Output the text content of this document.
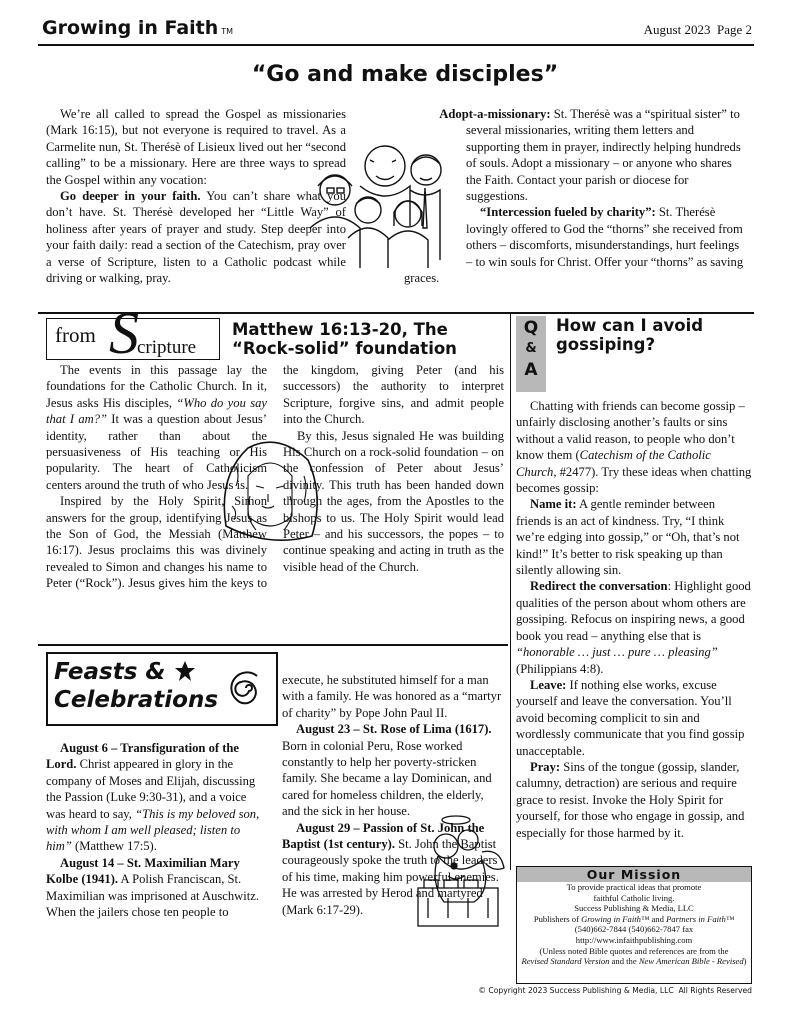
Growing in Faith TM	August 2023  Page 2
“Go and make disciples”

We’re all called to spread the Gospel as missionaries (Mark 16:15), but not everyone is required to travel. As a Carmelite nun, St. Therésè of Lisieux lived out her “second calling” to be a missionary. Here are three ways to spread the Gospel within any vocation:

Go deeper in your faith. You can’t share what you don’t have. St. Therésè developed her “Little Way” of holiness after years of prayer and study. Step deeper into your faith daily: read a section of the Catechism, pray over a verse of Scripture, listen to a Catholic podcast while driving or walking, pray.

Adopt-a-missionary: St. Therésè was a “spiritual sister” to several missionaries, writing them letters and supporting them in prayer, indirectly helping hundreds of souls. Adopt a missionary – or anyone who shares the Faith. Contact your parish or diocese for suggestions.

“Intercession fueled by charity”: St. Therésè lovingly offered to God the “thorns” she received from others – discomforts, misunderstandings, hurt feelings – to win souls for Christ. Offer your “thorns” as saving graces.

from S
cripture
Matthew 16:13-20, The
“Rock-solid” foundation

The events in this passage lay the foundations for the Catholic Church. In it, Jesus asks His disciples, “Who do you say that I am?” It was a question about Jesus’ identity, rather than about the persuasiveness of His teaching or His popularity. The heart of Catholicism centers around the truth of who Jesus is.

Inspired by the Holy Spirit, Simon answers for the group, identifying Jesus as the Son of God, the Messiah (Matthew 16:17). Jesus proclaims this was divinely revealed to Simon and changes his name to Peter (“Rock”). Jesus gives him the keys to the kingdom, giving Peter (and his successors) the authority to interpret Scripture, forgive sins, and admit people into the Church.

By this, Jesus signaled He was building His Church on a rock-solid foundation – on the confession of Peter about Jesus’ divinity. This truth has been handed down through the ages, from the Apostles to the bishops to us. The Holy Spirit would lead Peter – and his successors, the popes – to continue speaking and acting in truth as the visible head of the Church.

Q
&
A
How can I avoid gossiping?

Chatting with friends can become gossip – unfairly disclosing another’s faults or sins without a valid reason, to people who don’t know them (Catechism of the Catholic Church, #2477). Try these ideas when chatting becomes gossip:

Name it: A gentle reminder between friends is an act of kindness. Try, “I think we’re edging into gossip,” or “Oh, that’s not kind!” It’s better to risk speaking up than silently allowing sin.

Redirect the conversation: Highlight good qualities of the person about whom others are gossiping. Refocus on inspiring news, a good book you read – anything else that is “honorable … just … pure … pleasing” (Philippians 4:8).

Leave: If nothing else works, excuse yourself and leave the conversation. You’ll avoid becoming complicit to sin and wordlessly communicate that you find gossip unacceptable.

Pray: Sins of the tongue (gossip, slander, calumny, detraction) are serious and require grace to resist. Invoke the Holy Spirit for yourself, for those who engage in gossip, and especially for those harmed by it.

Feasts &
Celebrations

August 6 – Transfiguration of the Lord. Christ appeared in glory in the company of Moses and Elijah, discussing the Passion (Luke 9:30-31), and a voice was heard to say, “This is my beloved son, with whom I am well pleased; listen to him” (Matthew 17:5).

August 14 – St. Maximilian Mary Kolbe (1941). A Polish Franciscan, St. Maximilian was imprisoned at Auschwitz. When the jailers chose ten people to execute, he substituted himself for a man with a family. He was honored as a “martyr of charity” by Pope John Paul II.

August 23 – St. Rose of Lima (1617). Born in colonial Peru, Rose worked constantly to help her poverty-stricken family. She became a lay Dominican, and cared for homeless children, the elderly, and the sick in her house.

August 29 – Passion of St. John the Baptist (1st century). St. John the Baptist courageously spoke the truth to the leaders of his time, making him powerful enemies. He was arrested by Herod and martyred (Mark 6:17-29).

Our Mission
To provide practical ideas that promote
faithful Catholic living.
Success Publishing & Media, LLC
Publishers of Growing in Faith™ and Partners in Faith™
(540)662-7844 (540)662-7847 fax
http://www.infaithpublishing.com
(Unless noted Bible quotes and references are from the
Revised Standard Version and the New American Bible - Revised)
© Copyright 2023 Success Publishing & Media, LLC  All Rights Reserved
